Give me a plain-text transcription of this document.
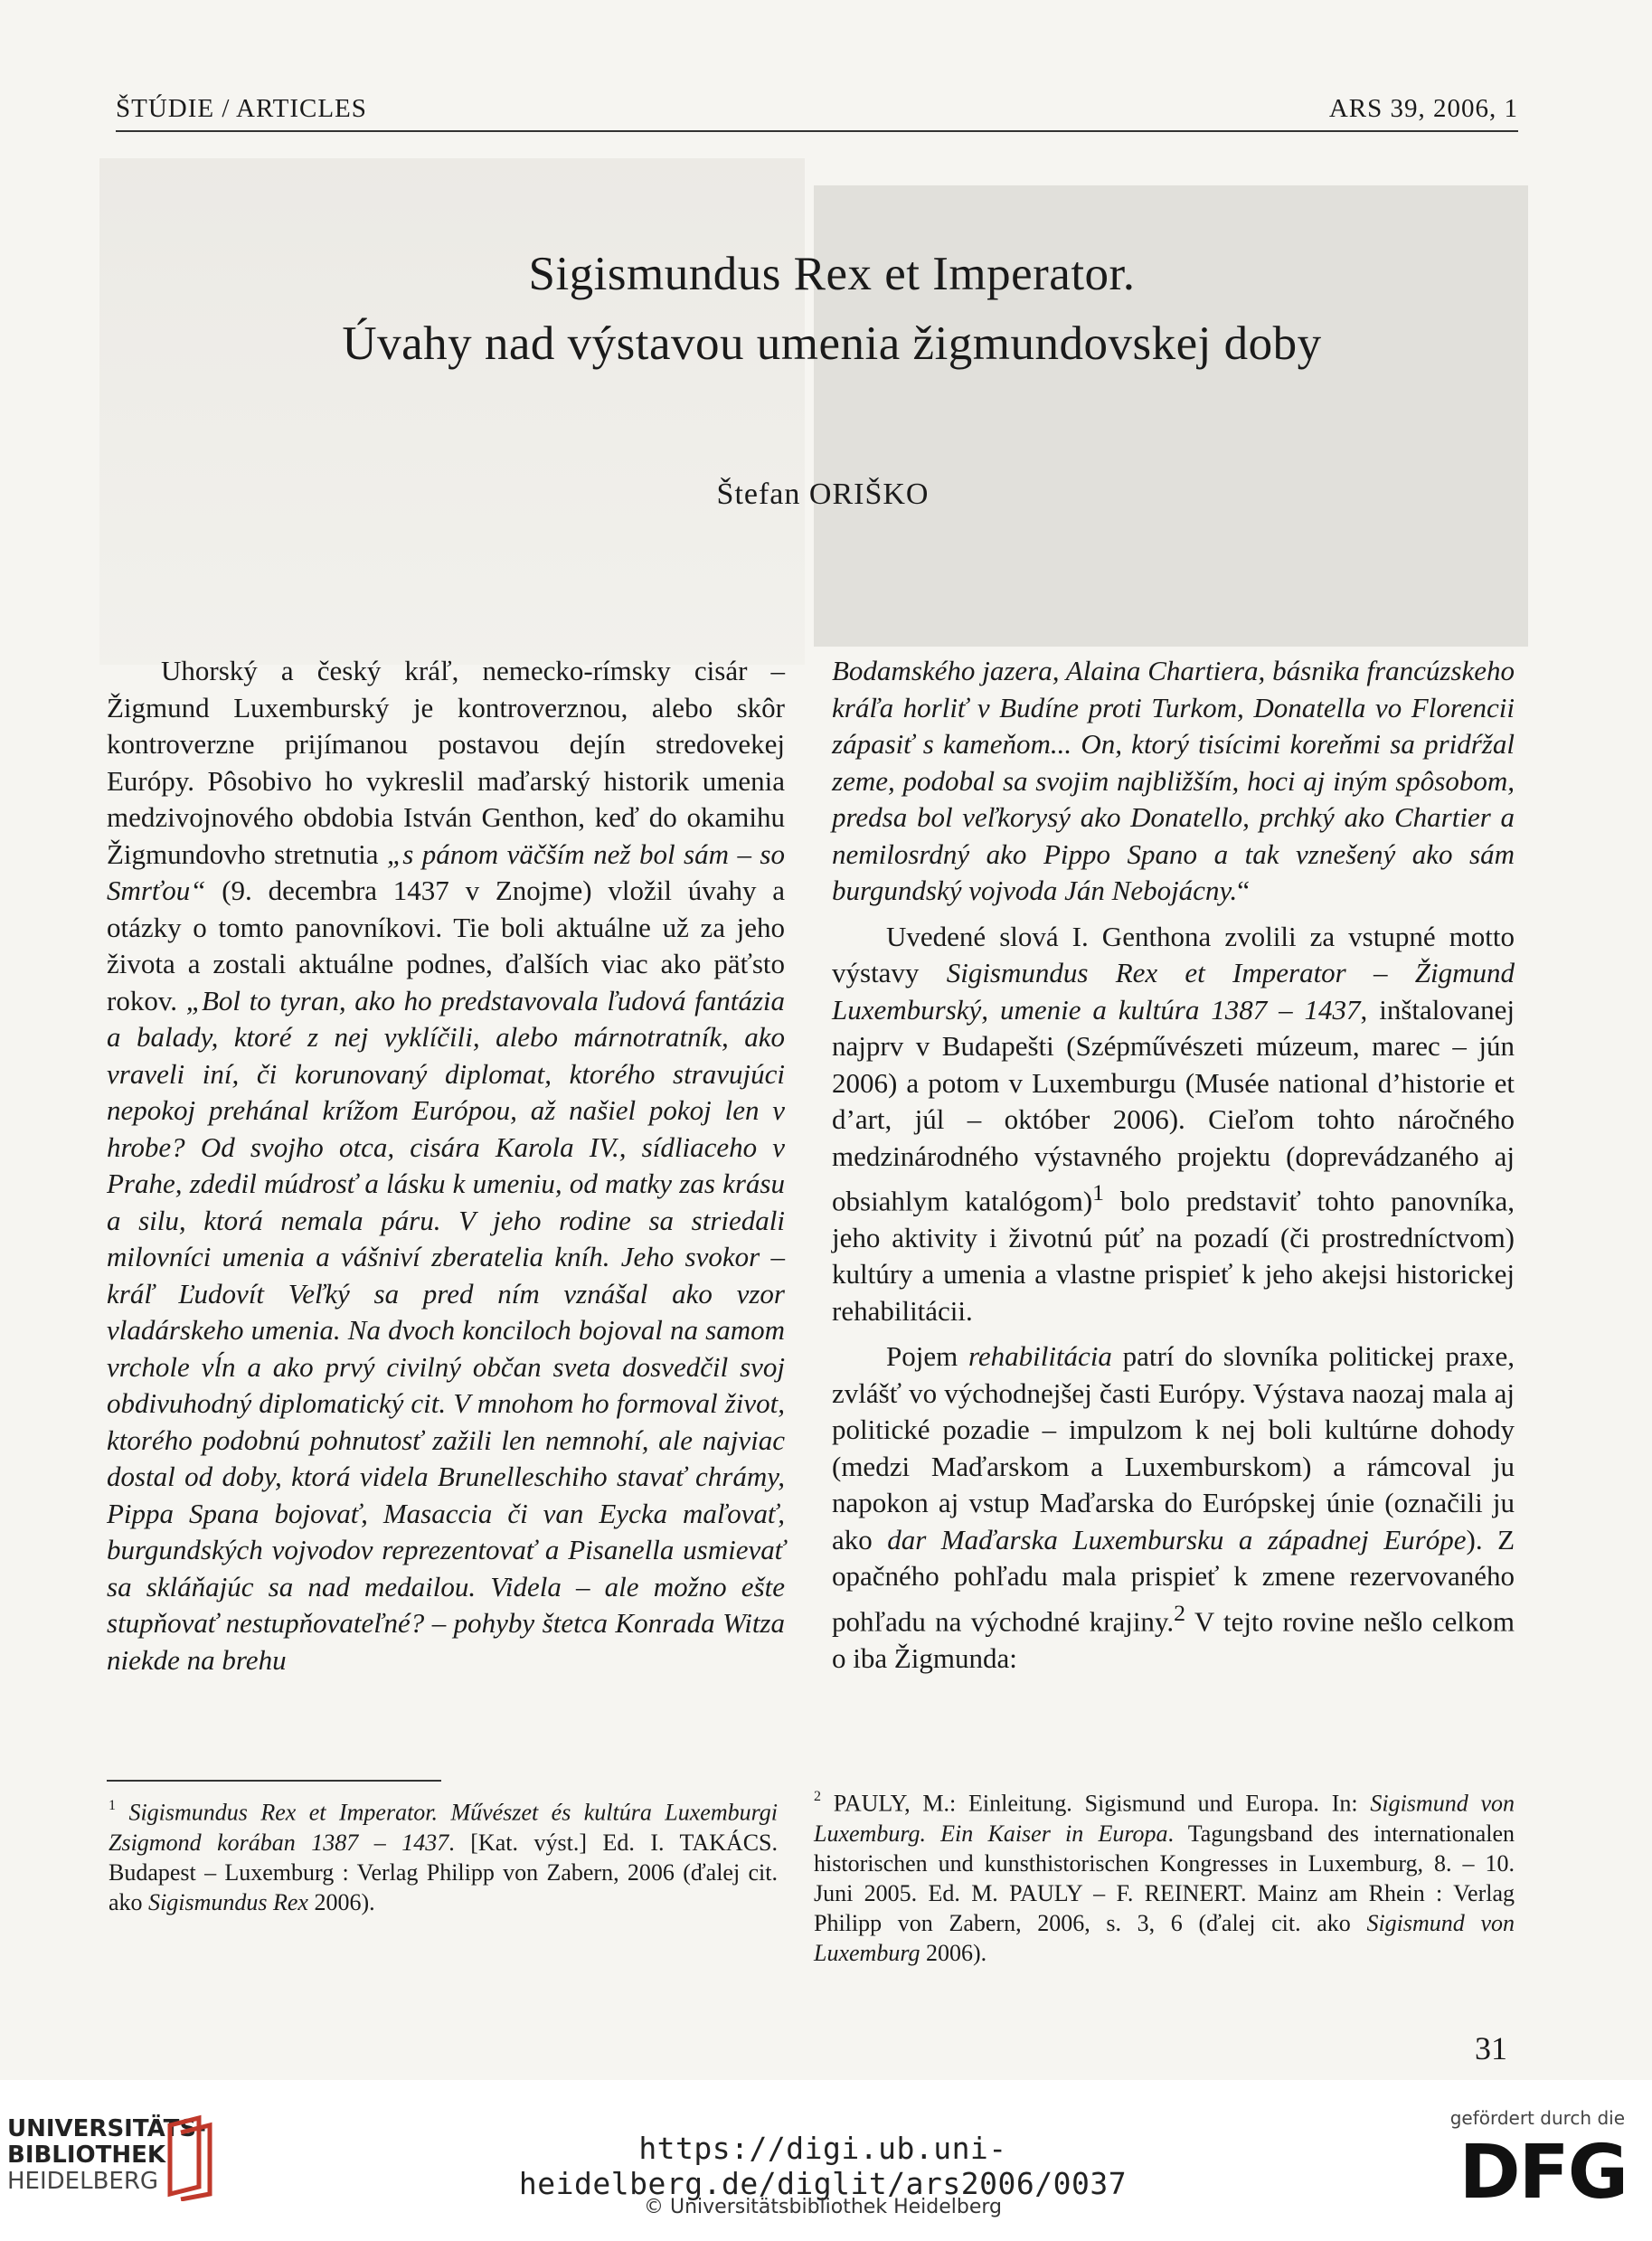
ŠTÚDIE / ARTICLES	ARS 39, 2006, 1
Sigismundus Rex et Imperator.
Úvahy nad výstavou umenia žigmundovskej doby
Štefan ORIŠKO

Uhorský a český kráľ, nemecko-rímsky cisár – Žigmund Luxemburský je kontroverznou, alebo skôr kontroverzne prijímanou postavou dejín stredovekej Európy. Pôsobivo ho vykreslil maďarský historik umenia medzivojnového obdobia István Genthon, keď do okamihu Žigmundovho stretnutia „s pánom väčším než bol sám – so Smrťou“ (9. decembra 1437 v Znojme) vložil úvahy a otázky o tomto panovníkovi. Tie boli aktuálne už za jeho života a zostali aktuálne podnes, ďalších viac ako päťsto rokov. „Bol to tyran, ako ho predstavovala ľudová fantázia a balady, ktoré z nej vyklíčili, alebo márnotratník, ako vraveli iní, či korunovaný diplomat, ktorého stravujúci nepokoj prehánal krížom Európou, až našiel pokoj len v hrobe? Od svojho otca, cisára Karola IV., sídliaceho v Prahe, zdedil múdrosť a lásku k umeniu, od matky zas krásu a silu, ktorá nemala páru. V jeho rodine sa striedali milovníci umenia a vášniví zberatelia kníh. Jeho svokor – kráľ Ľudovít Veľký sa pred ním vznášal ako vzor vladárskeho umenia. Na dvoch konciloch bojoval na samom vrchole vĺn a ako prvý civilný občan sveta dosvedčil svoj obdivuhodný diplomatický cit. V mnohom ho formoval život, ktorého podobnú pohnutosť zažili len nemnohí, ale najviac dostal od doby, ktorá videla Brunelleschiho stavať chrámy, Pippa Spana bojovať, Masaccia či van Eycka maľovať, burgundských vojvodov reprezentovať a Pisanella usmievať sa skláňajúc sa nad medailou. Videla – ale možno ešte stupňovať nestupňovateľné? – pohyby štetca Konrada Witza niekde na brehu

Bodamského jazera, Alaina Chartiera, básnika francúzskeho kráľa horliť v Budíne proti Turkom, Donatella vo Florencii zápasiť s kameňom... On, ktorý tisícimi koreňmi sa pridŕžal zeme, podobal sa svojim najbližším, hoci aj iným spôsobom, predsa bol veľkorysý ako Donatello, prchký ako Chartier a nemilosrdný ako Pippo Spano a tak vznešený ako sám burgundský vojvoda Ján Nebojácny.“

Uvedené slová I. Genthona zvolili za vstupné motto výstavy Sigismundus Rex et Imperator – Žigmund Luxemburský, umenie a kultúra 1387 – 1437, inštalovanej najprv v Budapešti (Szépművészeti múzeum, marec – jún 2006) a potom v Luxemburgu (Musée national d’historie et d’art, júl – október 2006). Cieľom tohto náročného medzinárodného výstavného projektu (doprevádzaného aj obsiahlym katalógom)$^1$ bolo predstaviť tohto panovníka, jeho aktivity i životnú púť na pozadí (či prostredníctvom) kultúry a umenia a vlastne prispieť k jeho akejsi historickej rehabilitácii.

Pojem rehabilitácia patrí do slovníka politickej praxe, zvlášť vo východnejšej časti Európy. Výstava naozaj mala aj politické pozadie – impulzom k nej boli kultúrne dohody (medzi Maďarskom a Luxemburskom) a rámcoval ju napokon aj vstup Maďarska do Európskej únie (označili ju ako dar Maďarska Luxembursku a západnej Európe). Z opačného pohľadu mala prispieť k zmene rezervovaného pohľadu na východné krajiny.$^2$ V tejto rovine nešlo celkom o iba Žigmunda:

$^1$ Sigismundus Rex et Imperator. Művészet és kultúra Luxemburgi Zsigmond korában 1387 – 1437. [Kat. výst.] Ed. I. TAKÁCS. Budapest – Luxemburg : Verlag Philipp von Zabern, 2006 (ďalej cit. ako Sigismundus Rex 2006).
$^2$ PAULY, M.: Einleitung. Sigismund und Europa. In: Sigismund von Luxemburg. Ein Kaiser in Europa. Tagungsband des internationalen historischen und kunsthistorischen Kongresses in Luxemburg, 8. – 10. Juni 2005. Ed. M. PAULY – F. REINERT. Mainz am Rhein : Verlag Philipp von Zabern, 2006, s. 3, 6 (ďalej cit. ako Sigismund von Luxemburg 2006).
31
UNIVERSITÄTS-
BIBLIOTHEK
HEIDELBERG
https://digi.ub.uni-heidelberg.de/diglit/ars2006/0037
© Universitätsbibliothek Heidelberg
gefördert durch die
DFG
